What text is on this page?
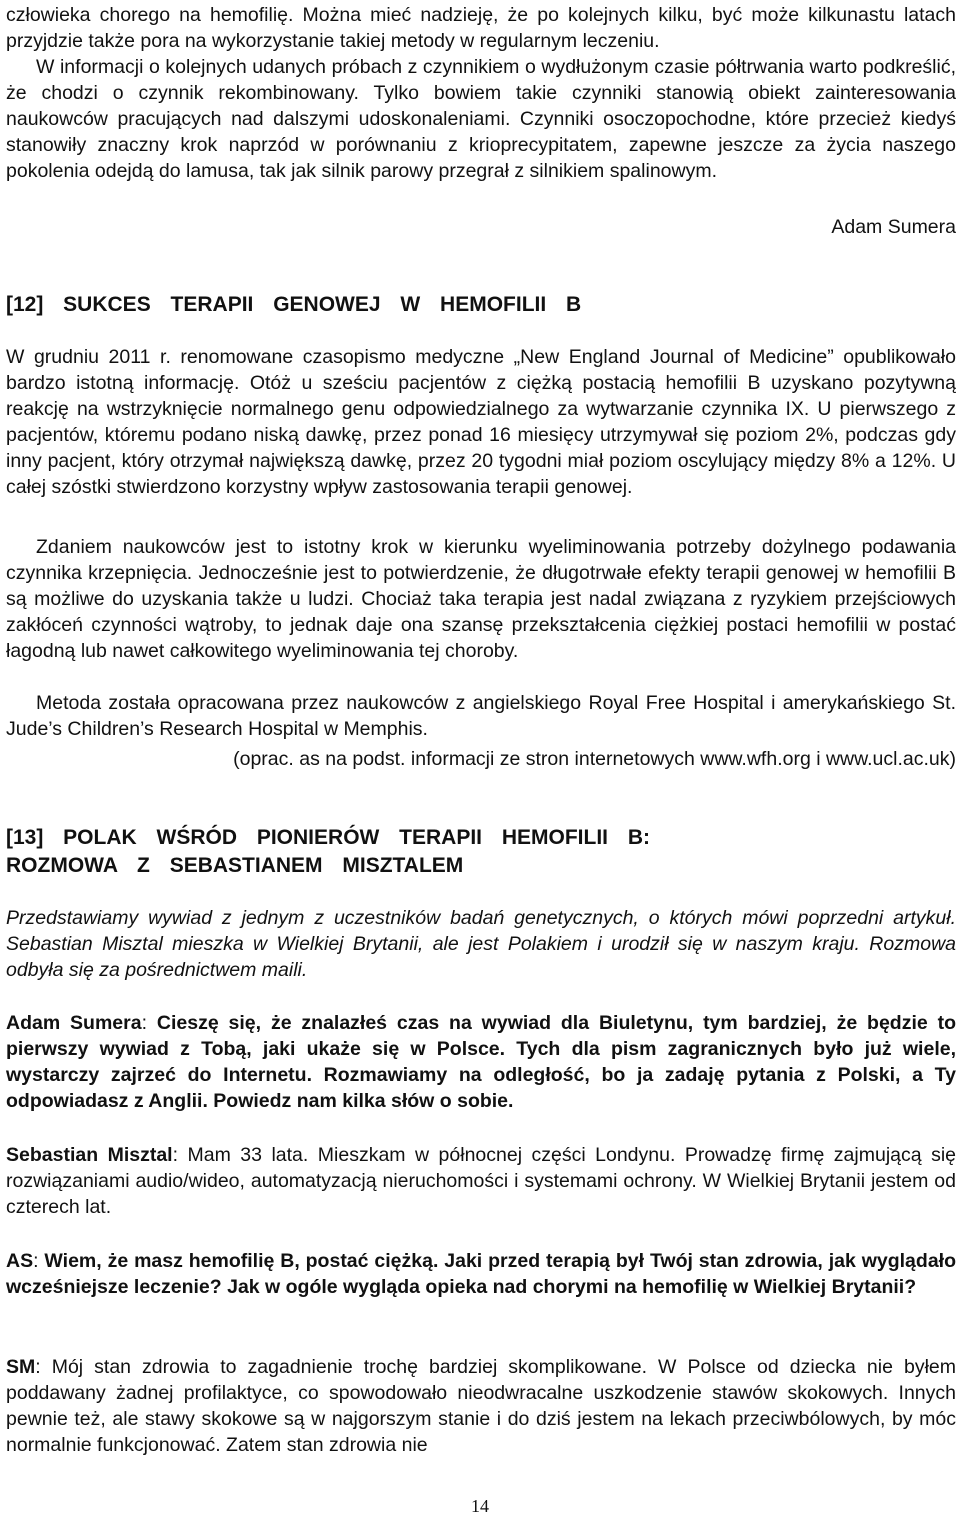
człowieka chorego na hemofilię. Można mieć nadzieję, że po kolejnych kilku, być może kilkunastu latach przyjdzie także pora na wykorzystanie takiej metody w regularnym leczeniu.

W informacji o kolejnych udanych próbach z czynnikiem o wydłużonym czasie półtrwania warto podkreślić, że chodzi o czynnik rekombinowany. Tylko bowiem takie czynniki stanowią obiekt zainteresowania naukowców pracujących nad dalszymi udoskonaleniami. Czynniki osoczopochodne, które przecież kiedyś stanowiły znaczny krok naprzód w porównaniu z krioprecypitatem, zapewne jeszcze za życia naszego pokolenia odejdą do lamusa, tak jak silnik parowy przegrał z silnikiem spalinowym.

Adam Sumera

[12] SUKCES TERAPII GENOWEJ W HEMOFILII B

W grudniu 2011 r. renomowane czasopismo medyczne „New England Journal of Medicine” opublikowało bardzo istotną informację. Otóż u sześciu pacjentów z ciężką postacią hemofilii B uzyskano pozytywną reakcję na wstrzyknięcie normalnego genu odpowiedzialnego za wytwarzanie czynnika IX. U pierwszego z pacjentów, któremu podano niską dawkę, przez ponad 16 miesięcy utrzymywał się poziom 2%, podczas gdy inny pacjent, który otrzymał największą dawkę, przez 20 tygodni miał poziom oscylujący między 8% a 12%. U całej szóstki stwierdzono korzystny wpływ zastosowania terapii genowej.

Zdaniem naukowców jest to istotny krok w kierunku wyeliminowania potrzeby dożylnego podawania czynnika krzepnięcia. Jednocześnie jest to potwierdzenie, że długotrwałe efekty terapii genowej w hemofilii B są możliwe do uzyskania także u ludzi. Chociaż taka terapia jest nadal związana z ryzykiem przejściowych zakłóceń czynności wątroby, to jednak daje ona szansę przekształcenia ciężkiej postaci hemofilii w postać łagodną lub nawet całkowitego wyeliminowania tej choroby.

Metoda została opracowana przez naukowców z angielskiego Royal Free Hospital i amerykańskiego St. Jude’s Children’s Research Hospital w Memphis.

(oprac. as na podst. informacji ze stron internetowych www.wfh.org i www.ucl.ac.uk)

[13] POLAK WŚRÓD PIONIERÓW TERAPII HEMOFILII B:

ROZMOWA Z SEBASTIANEM MISZTALEM

Przedstawiamy wywiad z jednym z uczestników badań genetycznych, o których mówi poprzedni artykuł. Sebastian Misztal mieszka w Wielkiej Brytanii, ale jest Polakiem i urodził się w naszym kraju. Rozmowa odbyła się za pośrednictwem maili.

Adam Sumera: Cieszę się, że znalazłeś czas na wywiad dla Biuletynu, tym bardziej, że będzie to pierwszy wywiad z Tobą, jaki ukaże się w Polsce. Tych dla pism zagranicznych było już wiele, wystarczy zajrzeć do Internetu. Rozmawiamy na odległość, bo ja zadaję pytania z Polski, a Ty odpowiadasz z Anglii. Powiedz nam kilka słów o sobie.

Sebastian Misztal: Mam 33 lata. Mieszkam w północnej części Londynu. Prowadzę firmę zajmującą się rozwiązaniami audio/wideo, automatyzacją nieruchomości i systemami ochrony. W Wielkiej Brytanii jestem od czterech lat.

AS: Wiem, że masz hemofilię B, postać ciężką. Jaki przed terapią był Twój stan zdrowia, jak wyglądało wcześniejsze leczenie? Jak w ogóle wygląda opieka nad chorymi na hemofilię w Wielkiej Brytanii?

SM: Mój stan zdrowia to zagadnienie trochę bardziej skomplikowane. W Polsce od dziecka nie byłem poddawany żadnej profilaktyce, co spowodowało nieodwracalne uszkodzenie stawów skokowych. Innych pewnie też, ale stawy skokowe są w najgorszym stanie i do dziś jestem na lekach przeciwbólowych, by móc normalnie funkcjonować. Zatem stan zdrowia nie

14
